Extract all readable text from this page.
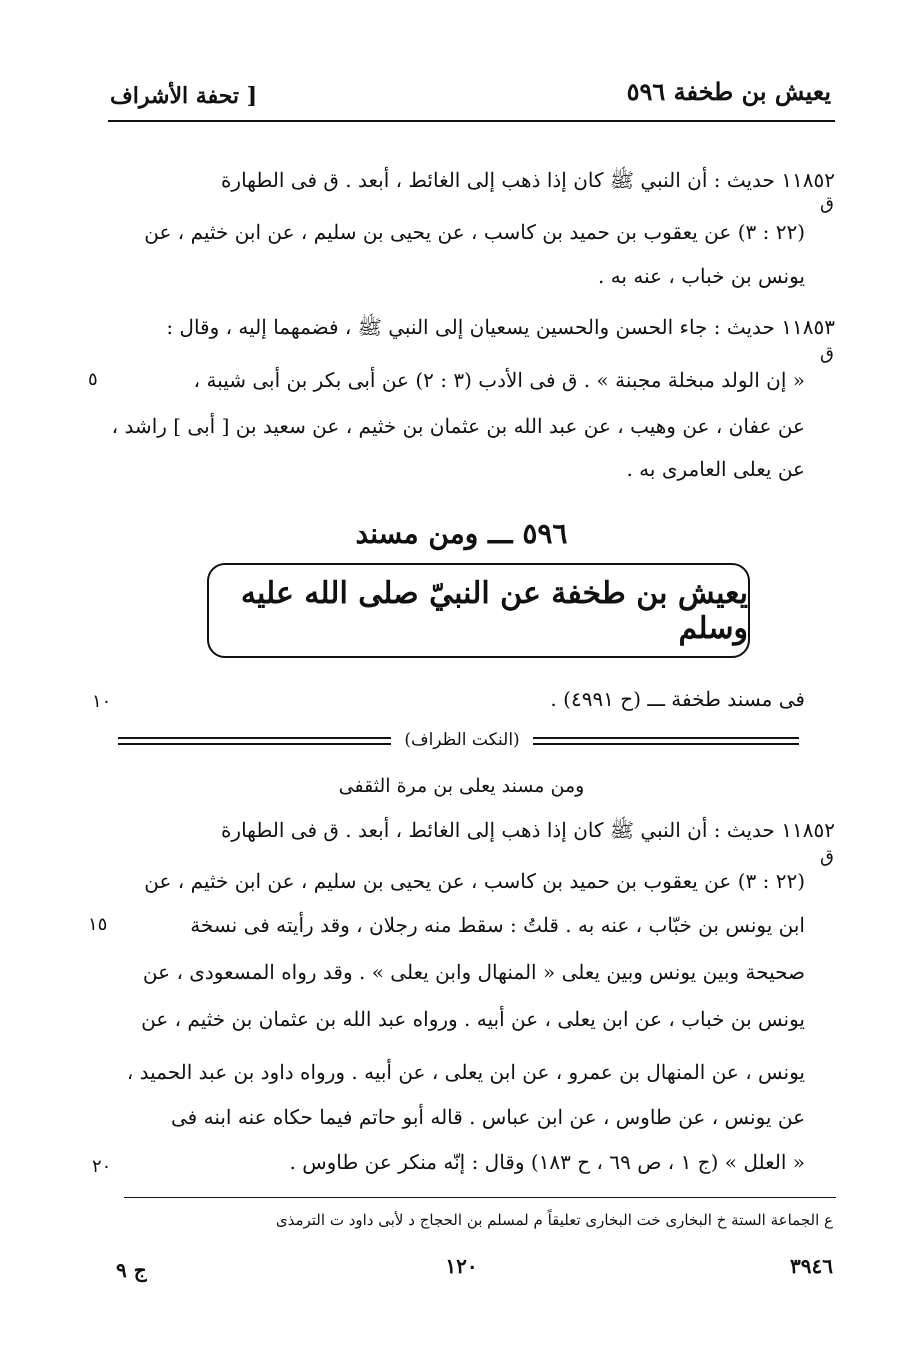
يعيش بن طخفة ٥٩٦
[ تحفة الأشراف
١١٨٥٢ حديث : أن النبي ﷺ كان إذا ذهب إلى الغائط ، أبعد . ق فى الطهارة
ق
(٢٢ : ٣) عن يعقوب بن حميد بن كاسب ، عن يحيى بن سليم ، عن ابن خثيم ، عن
يونس بن خباب ، عنه به .
١١٨٥٣ حديث : جاء الحسن والحسين يسعيان إلى النبي ﷺ ، فضمهما إليه ، وقال :
ق
« إن الولد مبخلة مجبنة » . ق فى الأدب (٣ : ٢) عن أبى بكر بن أبى شيبة ،
٥
عن عفان ، عن وهيب ، عن عبد الله بن عثمان بن خثيم ، عن سعيد بن [ أبى ] راشد ،
عن يعلى العامرى به .
٥٩٦ ـــ ومن مسند
يعيش بن طخفة عن النبيّ صلى الله عليه وسلم
فى مسند طخفة ـــ (ح ٤٩٩١) .
١٠
(النكت الظراف)
ومن مسند يعلى بن مرة الثقفى
١١٨٥٢ حديث : أن النبي ﷺ كان إذا ذهب إلى الغائط ، أبعد . ق فى الطهارة
ق
(٢٢ : ٣) عن يعقوب بن حميد بن كاسب ، عن يحيى بن سليم ، عن ابن خثيم ، عن
ابن يونس بن خبّاب ، عنه به . قلتُ : سقط منه رجلان ، وقد رأيته فى نسخة
١٥
صحيحة وبين يونس وبين يعلى « المنهال وابن يعلى » . وقد رواه المسعودى ، عن
يونس بن خباب ، عن ابن يعلى ، عن أبيه . ورواه عبد الله بن عثمان بن خثيم ، عن
يونس ، عن المنهال بن عمرو ، عن ابن يعلى ، عن أبيه . ورواه داود بن عبد الحميد ،
عن يونس ، عن طاوس ، عن ابن عباس . قاله أبو حاتم فيما حكاه عنه ابنه فى
« العلل » (ج ١ ، ص ٦٩ ، ح ١٨٣) وقال : إنّه منكر عن طاوس .
٢٠
ع الجماعة الستة خ البخارى خت البخارى تعليقاً م لمسلم بن الحجاج د لأبى داود ت الترمذى
٣٩٤٦
١٢٠
ج ٩
